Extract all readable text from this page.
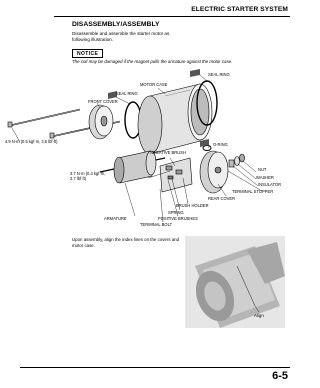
ELECTRIC STARTER SYSTEM
DISASSEMBLY/ASSEMBLY
Disassemble and assemble the starter motor as following illustration.
NOTICE
The coil may be damaged if the magnet pulls the armature against the motor case.
SEAL RING
MOTOR CASE
SEAL RING
FRONT COVER
4.9 N·m (0.5 kgf·m, 3.6 lbf·ft)
O-RING
NEGATIVE BRUSH
NUT
3.7 N·m (0.4 kgf·m,
2.7 lbf·ft)	WASHER
INSULATOR
TERMINAL STOPPER
REAR COVER
BRUSH HOLDER
SPRING
POSITIVE BRUSHES
ARMATURE
TERMINAL BOLT
Upon assembly, align the index lines on the covers and motor case.
Align
6-5
